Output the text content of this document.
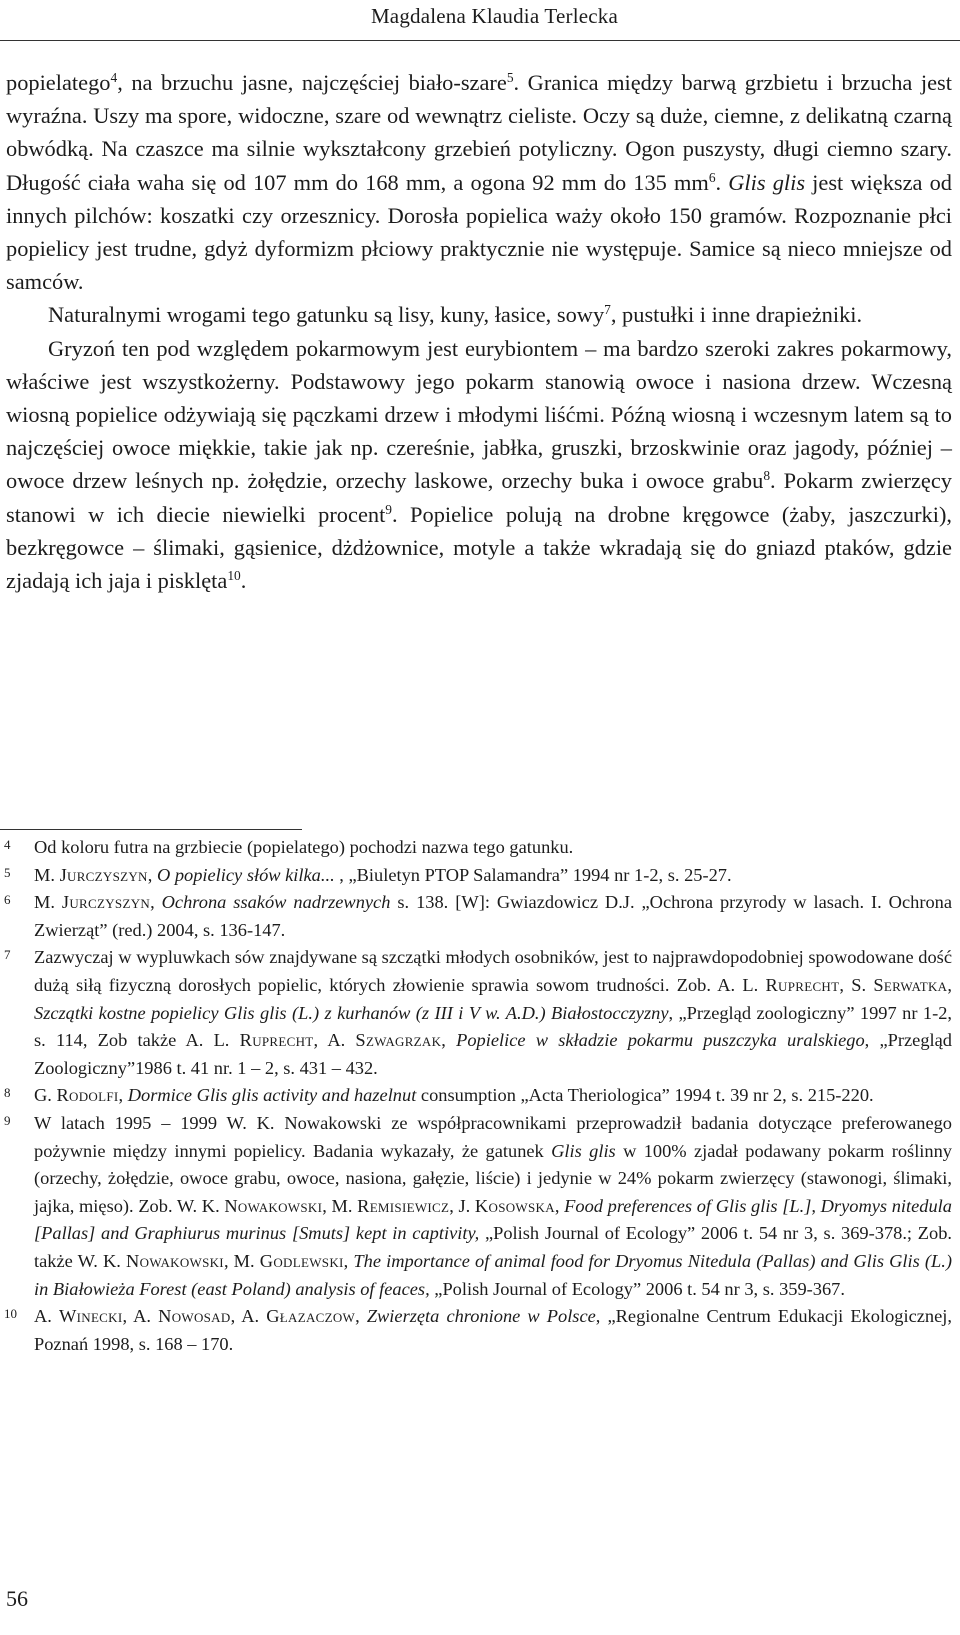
Magdalena Klaudia Terlecka

popielatego$^4$, na brzuchu jasne, najczęściej biało-szare$^5$. Granica między barwą grzbietu i brzucha jest wyraźna. Uszy ma spore, widoczne, szare od wewnątrz cieliste. Oczy są duże, ciemne, z delikatną czarną obwódką. Na czaszce ma silnie wykształcony grzebień potyliczny. Ogon puszysty, długi ciemno szary. Długość ciała waha się od 107 mm do 168 mm, a ogona 92 mm do 135 $mm^6$. Glis glis jest większa od innych pilchów: koszatki czy orzesznicy. Dorosła popielica waży około 150 gramów. Rozpoznanie płci popielicy jest trudne, gdyż dyformizm płciowy praktycznie nie występuje. Samice są nieco mniejsze od samców.

Naturalnymi wrogami tego gatunku są lisy, kuny, łasice, sowy$^7$, pustułki i inne drapieżniki.

Gryzoń ten pod względem pokarmowym jest eurybiontem – ma bardzo szeroki zakres pokarmowy, właściwe jest wszystkożerny. Podstawowy jego pokarm stanowią owoce i nasiona drzew. Wczesną wiosną popielice odżywiają się pączkami drzew i młodymi liśćmi. Późną wiosną i wczesnym latem są to najczęściej owoce miękkie, takie jak np. czereśnie, jabłka, gruszki, brzoskwinie oraz jagody, później – owoce drzew leśnych np. żołędzie, orzechy laskowe, orzechy buka i owoce grabu$^8$. Pokarm zwierzęcy stanowi w ich diecie niewielki procent$^9$. Popielice polują na drobne kręgowce (żaby, jaszczurki), bezkręgowce – ślimaki, gąsienice, dżdżownice, motyle a także wkradają się do gniazd ptaków, gdzie zjadają ich jaja i pisklęta$^{10}$.

4 Od koloru futra na grzbiecie (popielatego) pochodzi nazwa tego gatunku.
5 M. Jurczyszyn, O popielicy słów kilka... , „Biuletyn PTOP Salamandra” 1994 nr 1-2, s. 25-27.
6 M. Jurczyszyn, Ochrona ssaków nadrzewnych s. 138. [W]: Gwiazdowicz D.J. „Ochrona przyrody w lasach. I. Ochrona Zwierząt” (red.) 2004, s. 136-147.
7 Zazwyczaj w wypluwkach sów znajdywane są szczątki młodych osobników, jest to najprawdopodobniej spowodowane dość dużą siłą fizyczną dorosłych popielic, których złowienie sprawia sowom trudności. Zob. A. L. Ruprecht, S. Serwatka, Szczątki kostne popielicy Glis glis (L.) z kurhanów (z III i V w. A.D.) Białostocczyzny, „Przegląd zoologiczny” 1997 nr 1-2, s. 114, Zob także A. L. Ruprecht, A. Szwagrzak, Popielice w składzie pokarmu puszczyka uralskiego, „Przegląd Zoologiczny”1986 t. 41 nr. 1 – 2, s. 431 – 432.
8 G. Rodolfi, Dormice Glis glis activity and hazelnut consumption „Acta Theriologica” 1994 t. 39 nr 2, s. 215-220.
9 W latach 1995 – 1999 W. K. Nowakowski ze współpracownikami przeprowadził badania dotyczące preferowanego pożywnie między innymi popielicy. Badania wykazały, że gatunek Glis glis w 100% zjadał podawany pokarm roślinny (orzechy, żołędzie, owoce grabu, owoce, nasiona, gałęzie, liście) i jedynie w 24% pokarm zwierzęcy (stawonogi, ślimaki, jajka, mięso). Zob. W. K. Nowakowski, M. Remisiewicz, J. Kosowska, Food preferences of Glis glis [L.], Dryomys nitedula [Pallas] and Graphiurus murinus [Smuts] kept in captivity, „Polish Journal of Ecology” 2006 t. 54 nr 3, s. 369-378.; Zob. także W. K. Nowakowski, M. Godlewski, The importance of animal food for Dryomus Nitedula (Pallas) and Glis Glis (L.) in Białowieża Forest (east Poland) analysis of feaces, „Polish Journal of Ecology” 2006 t. 54 nr 3, s. 359-367.
10 A. Winecki, A. Nowosad, A. Głazaczow, Zwierzęta chronione w Polsce, „Regionalne Centrum Edukacji Ekologicznej, Poznań 1998, s. 168 – 170.
56
